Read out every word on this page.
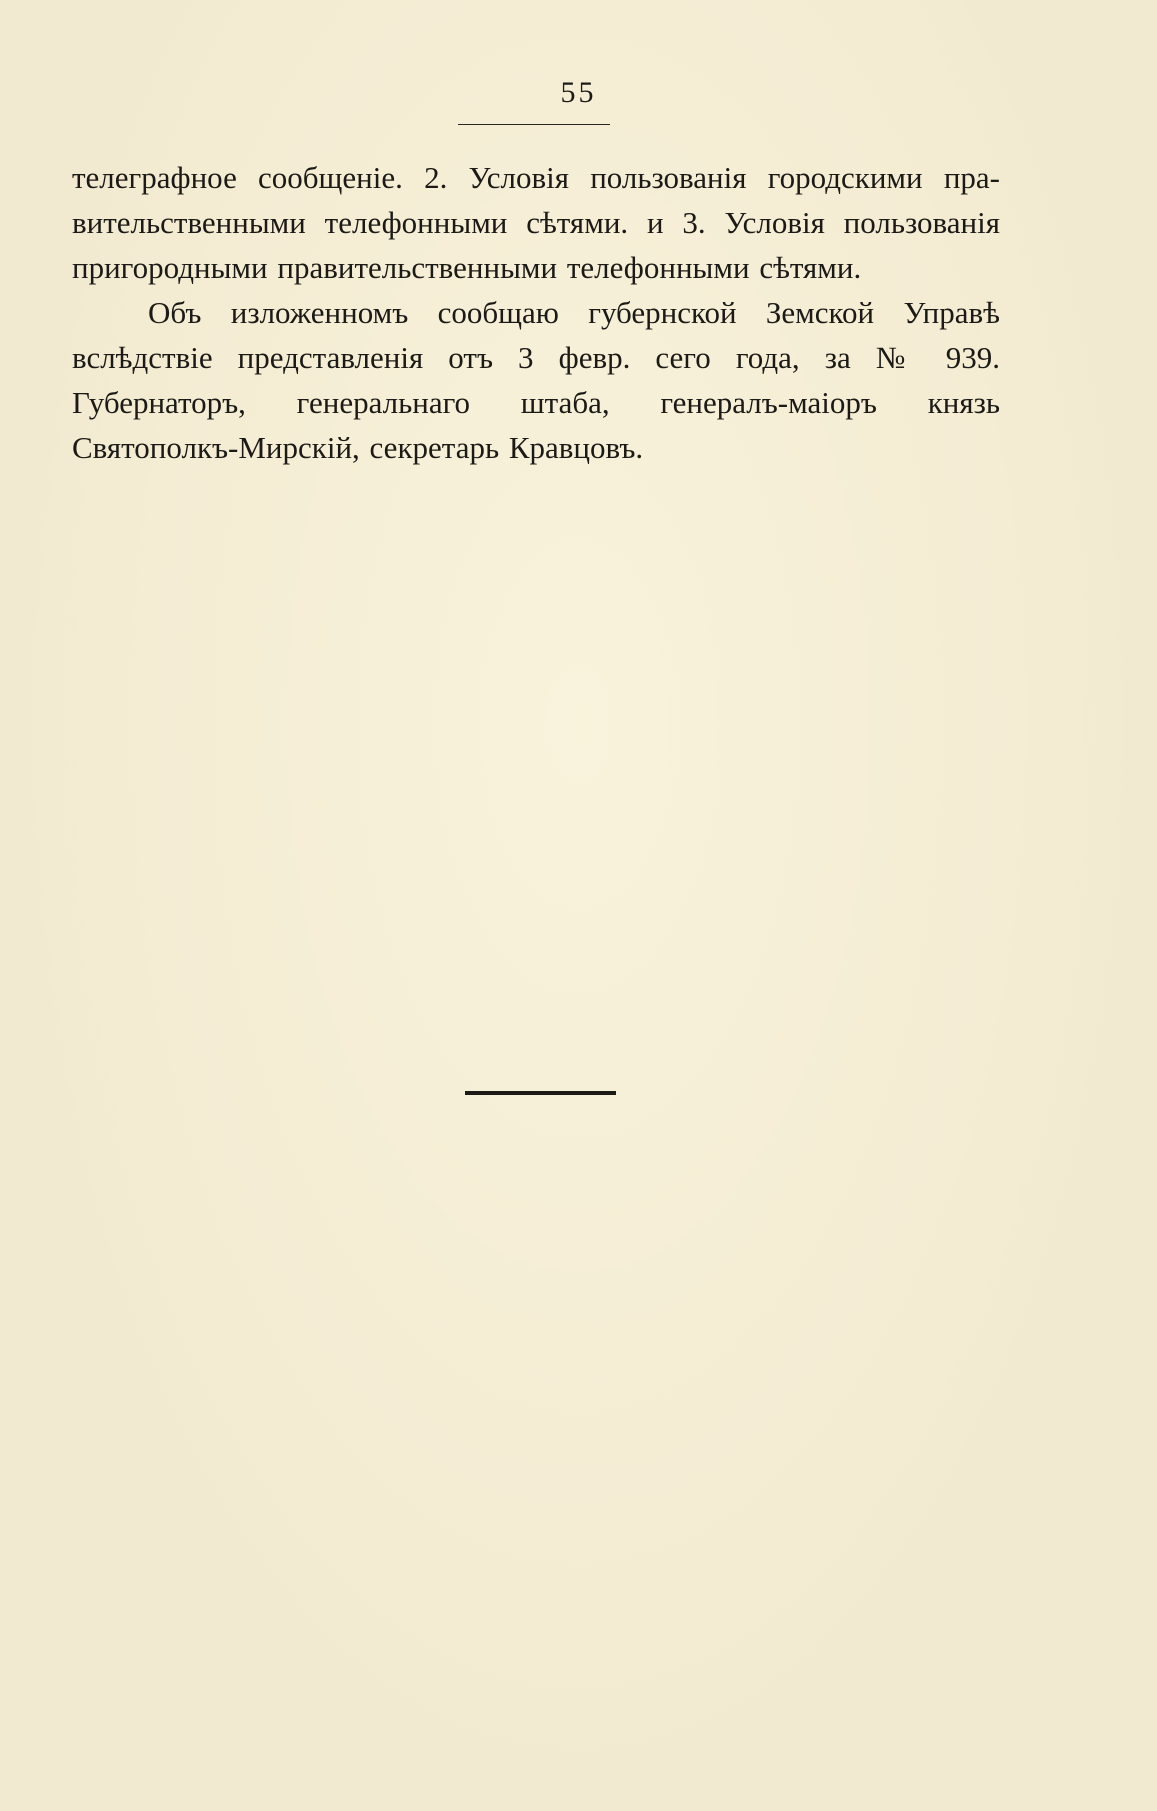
55

телеграфное сообщеніе. 2. Условія пользованія городскими пра-
вительственными телефонными сѣтями. и 3. Условія пользованія
пригородными правительственными телефонными сѣтями.

Объ изложенномъ сообщаю губернской Земской Управѣ
вслѣдствіе представленія отъ 3 февр. сего года, за № 939.
Губернаторъ, генеральнаго штаба, генералъ-маіоръ князь
Святополкъ-Мирскій, секретарь Кравцовъ.
